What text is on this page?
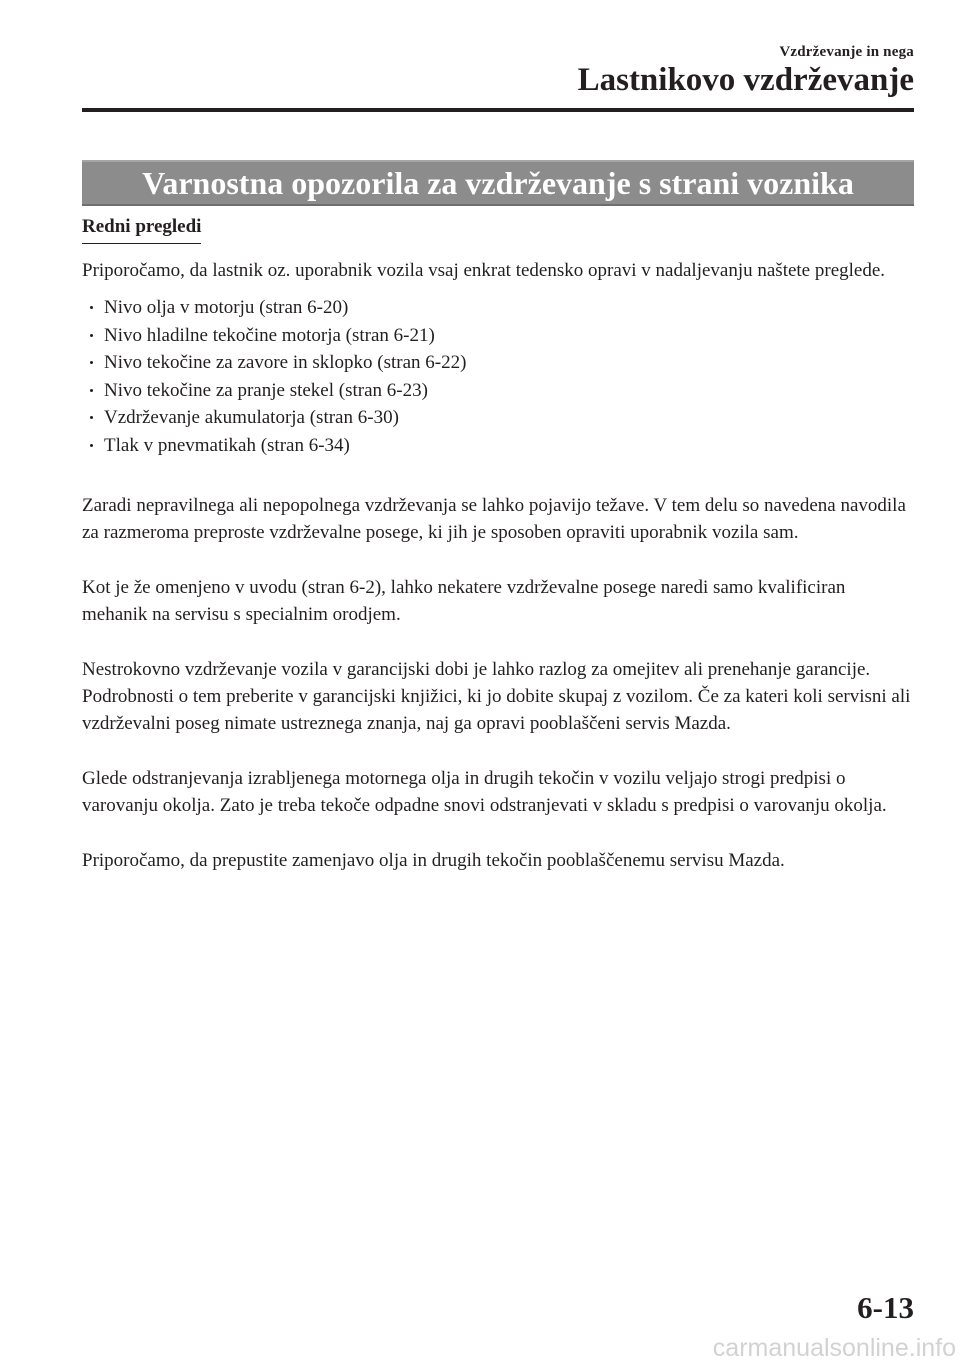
Vzdrževanje in nega
Lastnikovo vzdrževanje
Varnostna opozorila za vzdrževanje s strani voznika
Redni pregledi

Priporočamo, da lastnik oz. uporabnik vozila vsaj enkrat tedensko opravi v nadaljevanju naštete preglede.

Nivo olja v motorju (stran 6-20)
Nivo hladilne tekočine motorja (stran 6-21)
Nivo tekočine za zavore in sklopko (stran 6-22)
Nivo tekočine za pranje stekel (stran 6-23)
Vzdrževanje akumulatorja (stran 6-30)
Tlak v pnevmatikah (stran 6-34)

Zaradi nepravilnega ali nepopolnega vzdrževanja se lahko pojavijo težave. V tem delu so navedena navodila za razmeroma preproste vzdrževalne posege, ki jih je sposoben opraviti uporabnik vozila sam.

Kot je že omenjeno v uvodu (stran 6-2), lahko nekatere vzdrževalne posege naredi samo kvalificiran mehanik na servisu s specialnim orodjem.

Nestrokovno vzdrževanje vozila v garancijski dobi je lahko razlog za omejitev ali prenehanje garancije. Podrobnosti o tem preberite v garancijski knjižici, ki jo dobite skupaj z vozilom. Če za kateri koli servisni ali vzdrževalni poseg nimate ustreznega znanja, naj ga opravi pooblaščeni servis Mazda.

Glede odstranjevanja izrabljenega motornega olja in drugih tekočin v vozilu veljajo strogi predpisi o varovanju okolja. Zato je treba tekoče odpadne snovi odstranjevati v skladu s predpisi o varovanju okolja.

Priporočamo, da prepustite zamenjavo olja in drugih tekočin pooblaščenemu servisu Mazda.

6-13
carmanualsonline.info
